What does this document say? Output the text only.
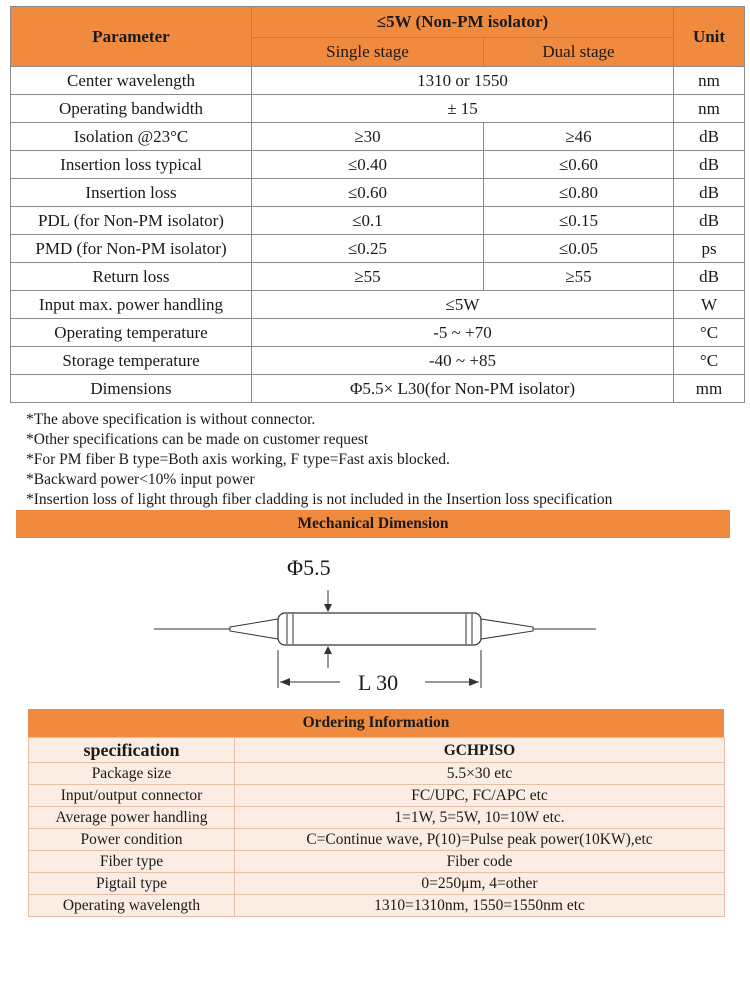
Parameter	≤5W (Non-PM isolator)		Unit
	Single stage	Dual stage	
Center wavelength	1310 or 1550		nm
Operating bandwidth	± 15		nm
Isolation @23°C	≥30	≥46	dB
Insertion loss typical	≤0.40	≤0.60	dB
Insertion loss	≤0.60	≤0.80	dB
PDL (for Non-PM isolator)	≤0.1	≤0.15	dB
PMD (for Non-PM isolator)	≤0.25	≤0.05	ps
Return loss	≥55	≥55	dB
Input max. power handling	≤5W		W
Operating temperature	-5 ~ +70		°C
Storage temperature	-40 ~ +85		°C
Dimensions	Φ5.5× L30(for Non-PM isolator)		mm
*The above specification is without connector.
*Other specifications can be made on customer request
*For PM fiber B type=Both axis working, F type=Fast axis blocked.
*Backward power<10% input power
*Insertion loss of light through fiber cladding is not included in the Insertion loss specification
Mechanical Dimension
Φ5.5
L 30
Ordering Information
specification	GCHPISO
Package size	5.5×30 etc
Input/output connector	FC/UPC, FC/APC etc
Average power handling	1=1W, 5=5W, 10=10W etc.
Power condition	C=Continue wave, P(10)=Pulse peak power(10KW),etc
Fiber type	Fiber code
Pigtail type	0=250μm, 4=other
Operating wavelength	1310=1310nm, 1550=1550nm etc
